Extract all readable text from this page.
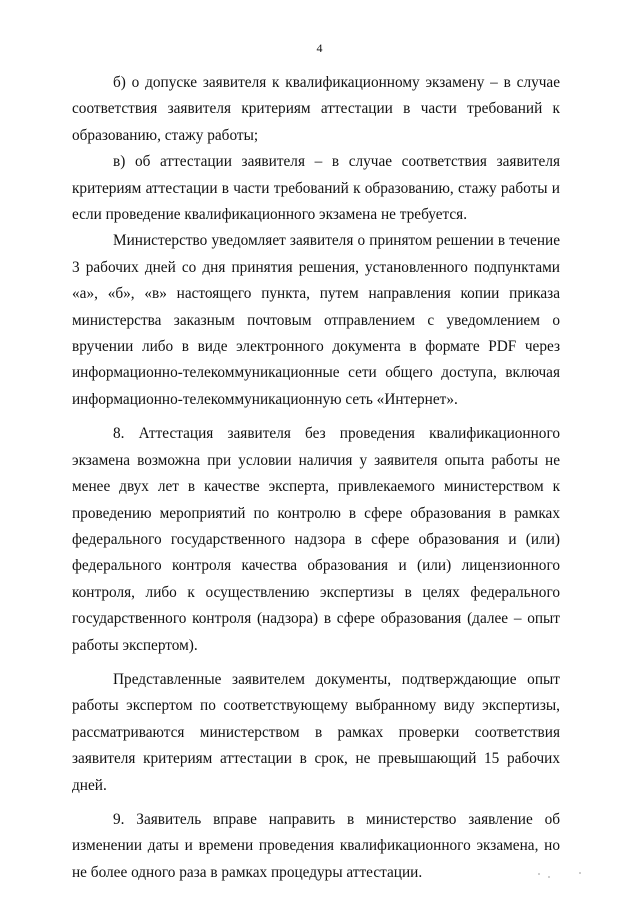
4

б) о допуске заявителя к квалификационному экзамену – в случае соответствия заявителя критериям аттестации в части требований к образованию, стажу работы;

в) об аттестации заявителя – в случае соответствия заявителя критериям аттестации в части требований к образованию, стажу работы и если проведение квалификационного экзамена не требуется.

Министерство уведомляет заявителя о принятом решении в течение 3 рабочих дней со дня принятия решения, установленного подпунктами «а», «б», «в» настоящего пункта, путем направления копии приказа министерства заказным почтовым отправлением с уведомлением о вручении либо в виде электронного документа в формате PDF через информационно-телекоммуникационные сети общего доступа, включая информационно-телекоммуникационную сеть «Интернет».

8. Аттестация заявителя без проведения квалификационного экзамена возможна при условии наличия у заявителя опыта работы не менее двух лет в качестве эксперта, привлекаемого министерством к проведению мероприятий по контролю в сфере образования в рамках федерального государственного надзора в сфере образования и (или) федерального контроля качества образования и (или) лицензионного контроля, либо к осуществлению экспертизы в целях федерального государственного контроля (надзора) в сфере образования (далее – опыт работы экспертом).

Представленные заявителем документы, подтверждающие опыт работы экспертом по соответствующему выбранному виду экспертизы, рассматриваются министерством в рамках проверки соответствия заявителя критериям аттестации в срок, не превышающий 15 рабочих дней.

9. Заявитель вправе направить в министерство заявление об изменении даты и времени проведения квалификационного экзамена, но не более одного раза в рамках процедуры аттестации.
